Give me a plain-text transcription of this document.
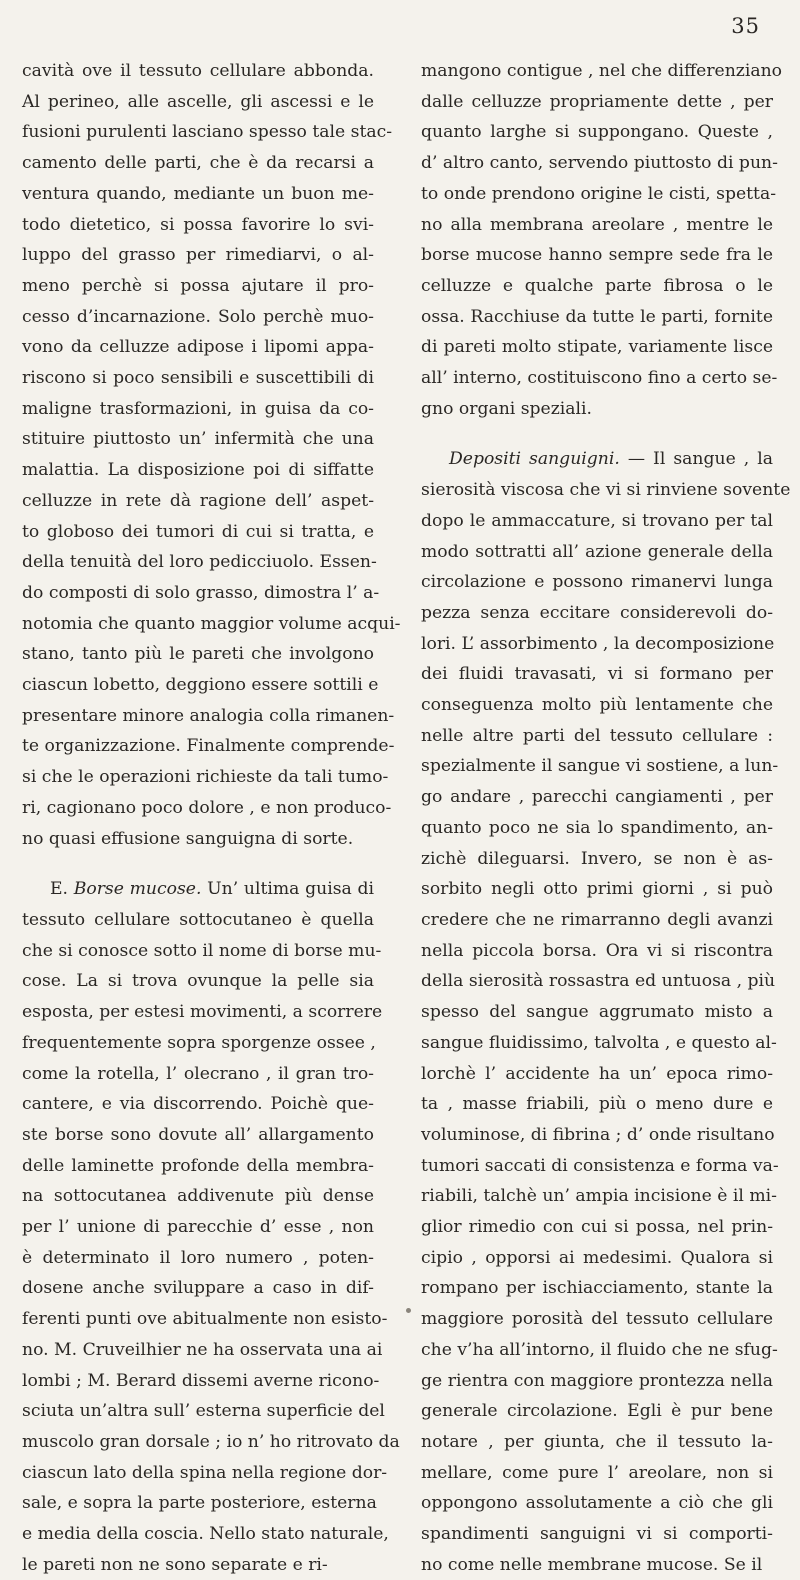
35
cavità ove il tessuto cellulare abbonda.
Al perineo, alle ascelle, gli ascessi e le
fusioni purulenti lasciano spesso tale stac-
camento delle parti, che è da recarsi a
ventura quando, mediante un buon me-
todo dietetico, si possa favorire lo svi-
luppo del grasso per rimediarvi, o al-
meno perchè si possa ajutare il pro-
cesso d’incarnazione. Solo perchè muo-
vono da celluzze adipose i lipomi appa-
riscono si poco sensibili e suscettibili di
maligne trasformazioni, in guisa da co-
stituire piuttosto un’ infermità che una
malattia. La disposizione poi di siffatte
celluzze in rete dà ragione dell’ aspet-
to globoso dei tumori di cui si tratta, e
della tenuità del loro pedicciuolo. Essen-
do composti di solo grasso, dimostra l’ a-
notomia che quanto maggior volume acqui-
stano, tanto più le pareti che involgono
ciascun lobetto, deggiono essere sottili e
presentare minore analogia colla rimanen-
te organizzazione. Finalmente comprende-
si che le operazioni richieste da tali tumo-
ri, cagionano poco dolore , e non produco-
no quasi effusione sanguigna di sorte.
E. Borse mucose. Un’ ultima guisa di
tessuto cellulare sottocutaneo è quella
che si conosce sotto il nome di borse mu-
cose. La si trova ovunque la pelle sia
esposta, per estesi movimenti, a scorrere
frequentemente sopra sporgenze ossee ,
come la rotella, l’ olecrano , il gran tro-
cantere, e via discorrendo. Poichè que-
ste borse sono dovute all’ allargamento
delle laminette profonde della membra-
na sottocutanea addivenute più dense
per l’ unione di parecchie d’ esse , non
è determinato il loro numero , poten-
dosene anche sviluppare a caso in dif-
ferenti punti ove abitualmente non esisto-
no. M. Cruveilhier ne ha osservata una ai
lombi ; M. Berard dissemi averne ricono-
sciuta un’altra sull’ esterna superficie del
muscolo gran dorsale ; io n’ ho ritrovato da
ciascun lato della spina nella regione dor-
sale, e sopra la parte posteriore, esterna
e media della coscia. Nello stato naturale,
le pareti non ne sono separate e ri-
mangono contigue , nel che differenziano
dalle celluzze propriamente dette , per
quanto larghe si suppongano. Queste ,
d’ altro canto, servendo piuttosto di pun-
to onde prendono origine le cisti, spetta-
no alla membrana areolare , mentre le
borse mucose hanno sempre sede fra le
celluzze e qualche parte fibrosa o le
ossa. Racchiuse da tutte le parti, fornite
di pareti molto stipate, variamente lisce
all’ interno, costituiscono fino a certo se-
gno organi speziali.
Depositi sanguigni. — Il sangue , la
sierosità viscosa che vi si rinviene sovente
dopo le ammaccature, si trovano per tal
modo sottratti all’ azione generale della
circolazione e possono rimanervi lunga
pezza senza eccitare considerevoli do-
lori. L’ assorbimento , la decomposizione
dei fluidi travasati, vi si formano per
conseguenza molto più lentamente che
nelle altre parti del tessuto cellulare :
spezialmente il sangue vi sostiene, a lun-
go andare , parecchi cangiamenti , per
quanto poco ne sia lo spandimento, an-
zichè dileguarsi. Invero, se non è as-
sorbito negli otto primi giorni , si può
credere che ne rimarranno degli avanzi
nella piccola borsa. Ora vi si riscontra
della sierosità rossastra ed untuosa , più
spesso del sangue aggrumato misto a
sangue fluidissimo, talvolta , e questo al-
lorchè l’ accidente ha un’ epoca rimo-
ta , masse friabili, più o meno dure e
voluminose, di fibrina ; d’ onde risultano
tumori saccati di consistenza e forma va-
riabili, talchè un’ ampia incisione è il mi-
glior rimedio con cui si possa, nel prin-
cipio , opporsi ai medesimi. Qualora si
rompano per ischiacciamento, stante la
maggiore porosità del tessuto cellulare
che v’ha all’intorno, il fluido che ne sfug-
ge rientra con maggiore prontezza nella
generale circolazione. Egli è pur bene
notare , per giunta, che il tessuto la-
mellare, come pure l’ areolare, non si
oppongono assolutamente a ciò che gli
spandimenti sanguigni vi si comporti-
no come nelle membrane mucose. Se il
